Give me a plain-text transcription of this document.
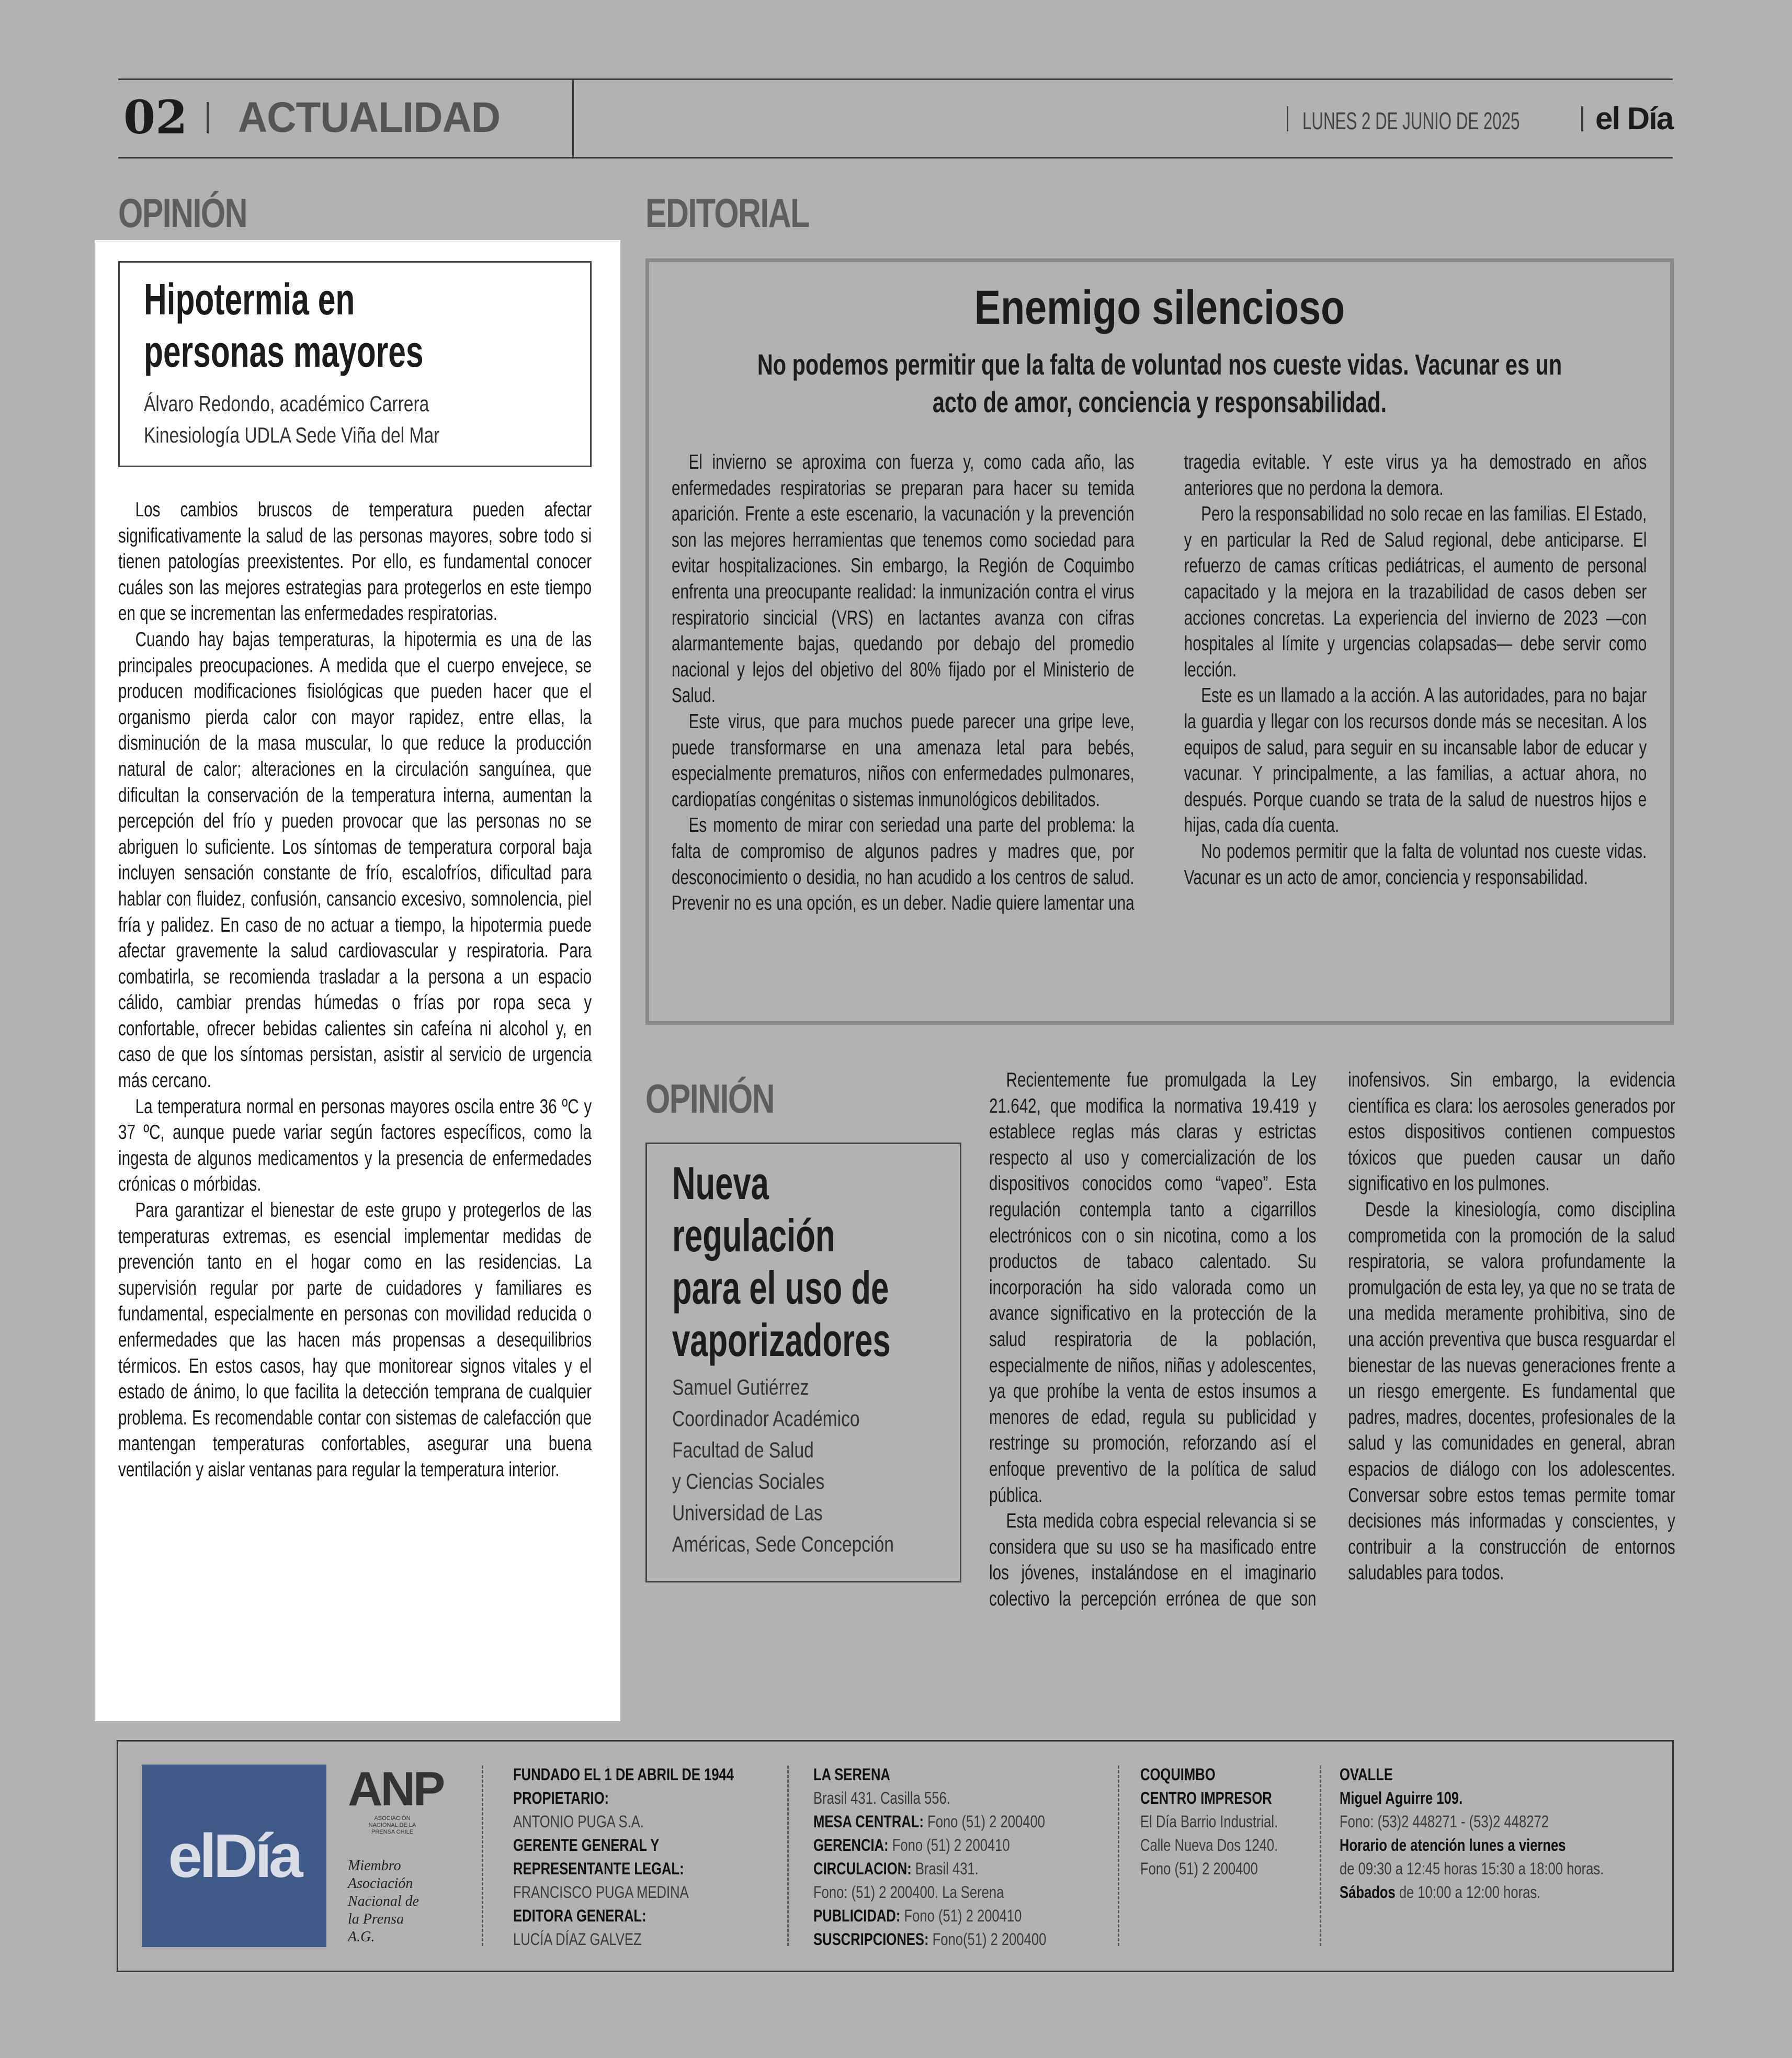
02 ACTUALIDAD	LUNES 2 DE JUNIO DE 2025 el Día
OPINIÓN
Hipotermia en
personas mayores
Álvaro Redondo, académico Carrera
Kinesiología UDLA Sede Viña del Mar

Los cambios bruscos de temperatura pueden afectar significativamente la salud de las personas mayores, sobre todo si tienen patologías preexistentes. Por ello, es fundamental conocer cuáles son las mejores estrategias para protegerlos en este tiempo en que se incrementan las enfermedades respiratorias.

Cuando hay bajas temperaturas, la hipotermia es una de las principales preocupaciones. A medida que el cuerpo envejece, se producen modificaciones fisiológicas que pueden hacer que el organismo pierda calor con mayor rapidez, entre ellas, la disminución de la masa muscular, lo que reduce la producción natural de calor; alteraciones en la circulación sanguínea, que dificultan la conservación de la temperatura interna, aumentan la percepción del frío y pueden provocar que las personas no se abriguen lo suficiente. Los síntomas de temperatura corporal baja incluyen sensación constante de frío, escalofríos, dificultad para hablar con fluidez, confusión, cansancio excesivo, somnolencia, piel fría y palidez. En caso de no actuar a tiempo, la hipotermia puede afectar gravemente la salud cardiovascular y respiratoria. Para combatirla, se recomienda trasladar a la persona a un espacio cálido, cambiar prendas húmedas o frías por ropa seca y confortable, ofrecer bebidas calientes sin cafeína ni alcohol y, en caso de que los síntomas persistan, asistir al servicio de urgencia más cercano.

La temperatura normal en personas mayores oscila entre 36 ºC y 37 ºC, aunque puede variar según factores específicos, como la ingesta de algunos medicamentos y la presencia de enfermedades crónicas o mórbidas.

Para garantizar el bienestar de este grupo y protegerlos de las temperaturas extremas, es esencial implementar medidas de prevención tanto en el hogar como en las residencias. La supervisión regular por parte de cuidadores y familiares es fundamental, especialmente en personas con movilidad reducida o enfermedades que las hacen más propensas a desequilibrios térmicos. En estos casos, hay que monitorear signos vitales y el estado de ánimo, lo que facilita la detección temprana de cualquier problema. Es recomendable contar con sistemas de calefacción que mantengan temperaturas confortables, asegurar una buena ventilación y aislar ventanas para regular la temperatura interior.

EDITORIAL
Enemigo silencioso
No podemos permitir que la falta de voluntad nos cueste vidas. Vacunar es un
acto de amor, conciencia y responsabilidad.

El invierno se aproxima con fuerza y, como cada año, las enfermedades respiratorias se preparan para hacer su temida aparición. Frente a este escenario, la vacunación y la prevención son las mejores herramientas que tenemos como sociedad para evitar hospitalizaciones. Sin embargo, la Región de Coquimbo enfrenta una preocupante realidad: la inmunización contra el virus respiratorio sincicial (VRS) en lactantes avanza con cifras alarmantemente bajas, quedando por debajo del promedio nacional y lejos del objetivo del 80% fijado por el Ministerio de Salud.

Este virus, que para muchos puede parecer una gripe leve, puede transformarse en una amenaza letal para bebés, especialmente prematuros, niños con enfermedades pulmonares, cardiopatías congénitas o sistemas inmunológicos debilitados.

Es momento de mirar con seriedad una parte del problema: la falta de compromiso de algunos padres y madres que, por desconocimiento o desidia, no han acudido a los centros de salud. Prevenir no es una opción, es un deber. Nadie quiere lamentar una tragedia evitable. Y este virus ya ha demostrado en años anteriores que no perdona la demora.

Pero la responsabilidad no solo recae en las familias. El Estado, y en particular la Red de Salud regional, debe anticiparse. El refuerzo de camas críticas pediátricas, el aumento de personal capacitado y la mejora en la trazabilidad de casos deben ser acciones concretas. La experiencia del invierno de 2023 —con hospitales al límite y urgencias colapsadas— debe servir como lección.

Este es un llamado a la acción. A las autoridades, para no bajar la guardia y llegar con los recursos donde más se necesitan. A los equipos de salud, para seguir en su incansable labor de educar y vacunar. Y principalmente, a las familias, a actuar ahora, no después. Porque cuando se trata de la salud de nuestros hijos e hijas, cada día cuenta.

No podemos permitir que la falta de voluntad nos cueste vidas. Vacunar es un acto de amor, conciencia y responsabilidad.

OPINIÓN
Nueva
regulación
para el uso de
vaporizadores
Samuel Gutiérrez
Coordinador Académico
Facultad de Salud
y Ciencias Sociales
Universidad de Las
Américas, Sede Concepción

Recientemente fue promulgada la Ley 21.642, que modifica la normativa 19.419 y establece reglas más claras y estrictas respecto al uso y comercialización de los dispositivos conocidos como “vapeo”. Esta regulación contempla tanto a cigarrillos electrónicos con o sin nicotina, como a los productos de tabaco calentado. Su incorporación ha sido valorada como un avance significativo en la protección de la salud respiratoria de la población, especialmente de niños, niñas y adolescentes, ya que prohíbe la venta de estos insumos a menores de edad, regula su publicidad y restringe su promoción, reforzando así el enfoque preventivo de la política de salud pública.

Esta medida cobra especial relevancia si se considera que su uso se ha masificado entre los jóvenes, instalándose en el imaginario colectivo la percepción errónea de que son inofensivos. Sin embargo, la evidencia científica es clara: los aerosoles generados por estos dispositivos contienen compuestos tóxicos que pueden causar un daño significativo en los pulmones.

Desde la kinesiología, como disciplina comprometida con la promoción de la salud respiratoria, se valora profundamente la promulgación de esta ley, ya que no se trata de una medida meramente prohibitiva, sino de una acción preventiva que busca resguardar el bienestar de las nuevas generaciones frente a un riesgo emergente. Es fundamental que padres, madres, docentes, profesionales de la salud y las comunidades en general, abran espacios de diálogo con los adolescentes. Conversar sobre estos temas permite tomar decisiones más informadas y conscientes, y contribuir a la construcción de entornos saludables para todos.

elDía
ANP
ASOCIACIÓN NACIONAL DE LA PRENSA CHILE
Miembro
Asociación
Nacional de
la Prensa
A.G.
FUNDADO EL 1 DE ABRIL DE 1944
PROPIETARIO:
ANTONIO PUGA S.A.
GERENTE GENERAL Y
REPRESENTANTE LEGAL:
FRANCISCO PUGA MEDINA
EDITORA GENERAL:
LUCÍA DÍAZ GALVEZ
LA SERENA
Brasil 431. Casilla 556.
MESA CENTRAL: Fono (51) 2 200400
GERENCIA: Fono (51) 2 200410
CIRCULACION: Brasil 431.
Fono: (51) 2 200400. La Serena
PUBLICIDAD: Fono (51) 2 200410
SUSCRIPCIONES: Fono(51) 2 200400
COQUIMBO
CENTRO IMPRESOR
El Día Barrio Industrial.
Calle Nueva Dos 1240.
Fono (51) 2 200400
OVALLE
Miguel Aguirre 109.
Fono: (53)2 448271 - (53)2 448272
Horario de atención lunes a viernes
de 09:30 a 12:45 horas 15:30 a 18:00 horas.
Sábados de 10:00 a 12:00 horas.
